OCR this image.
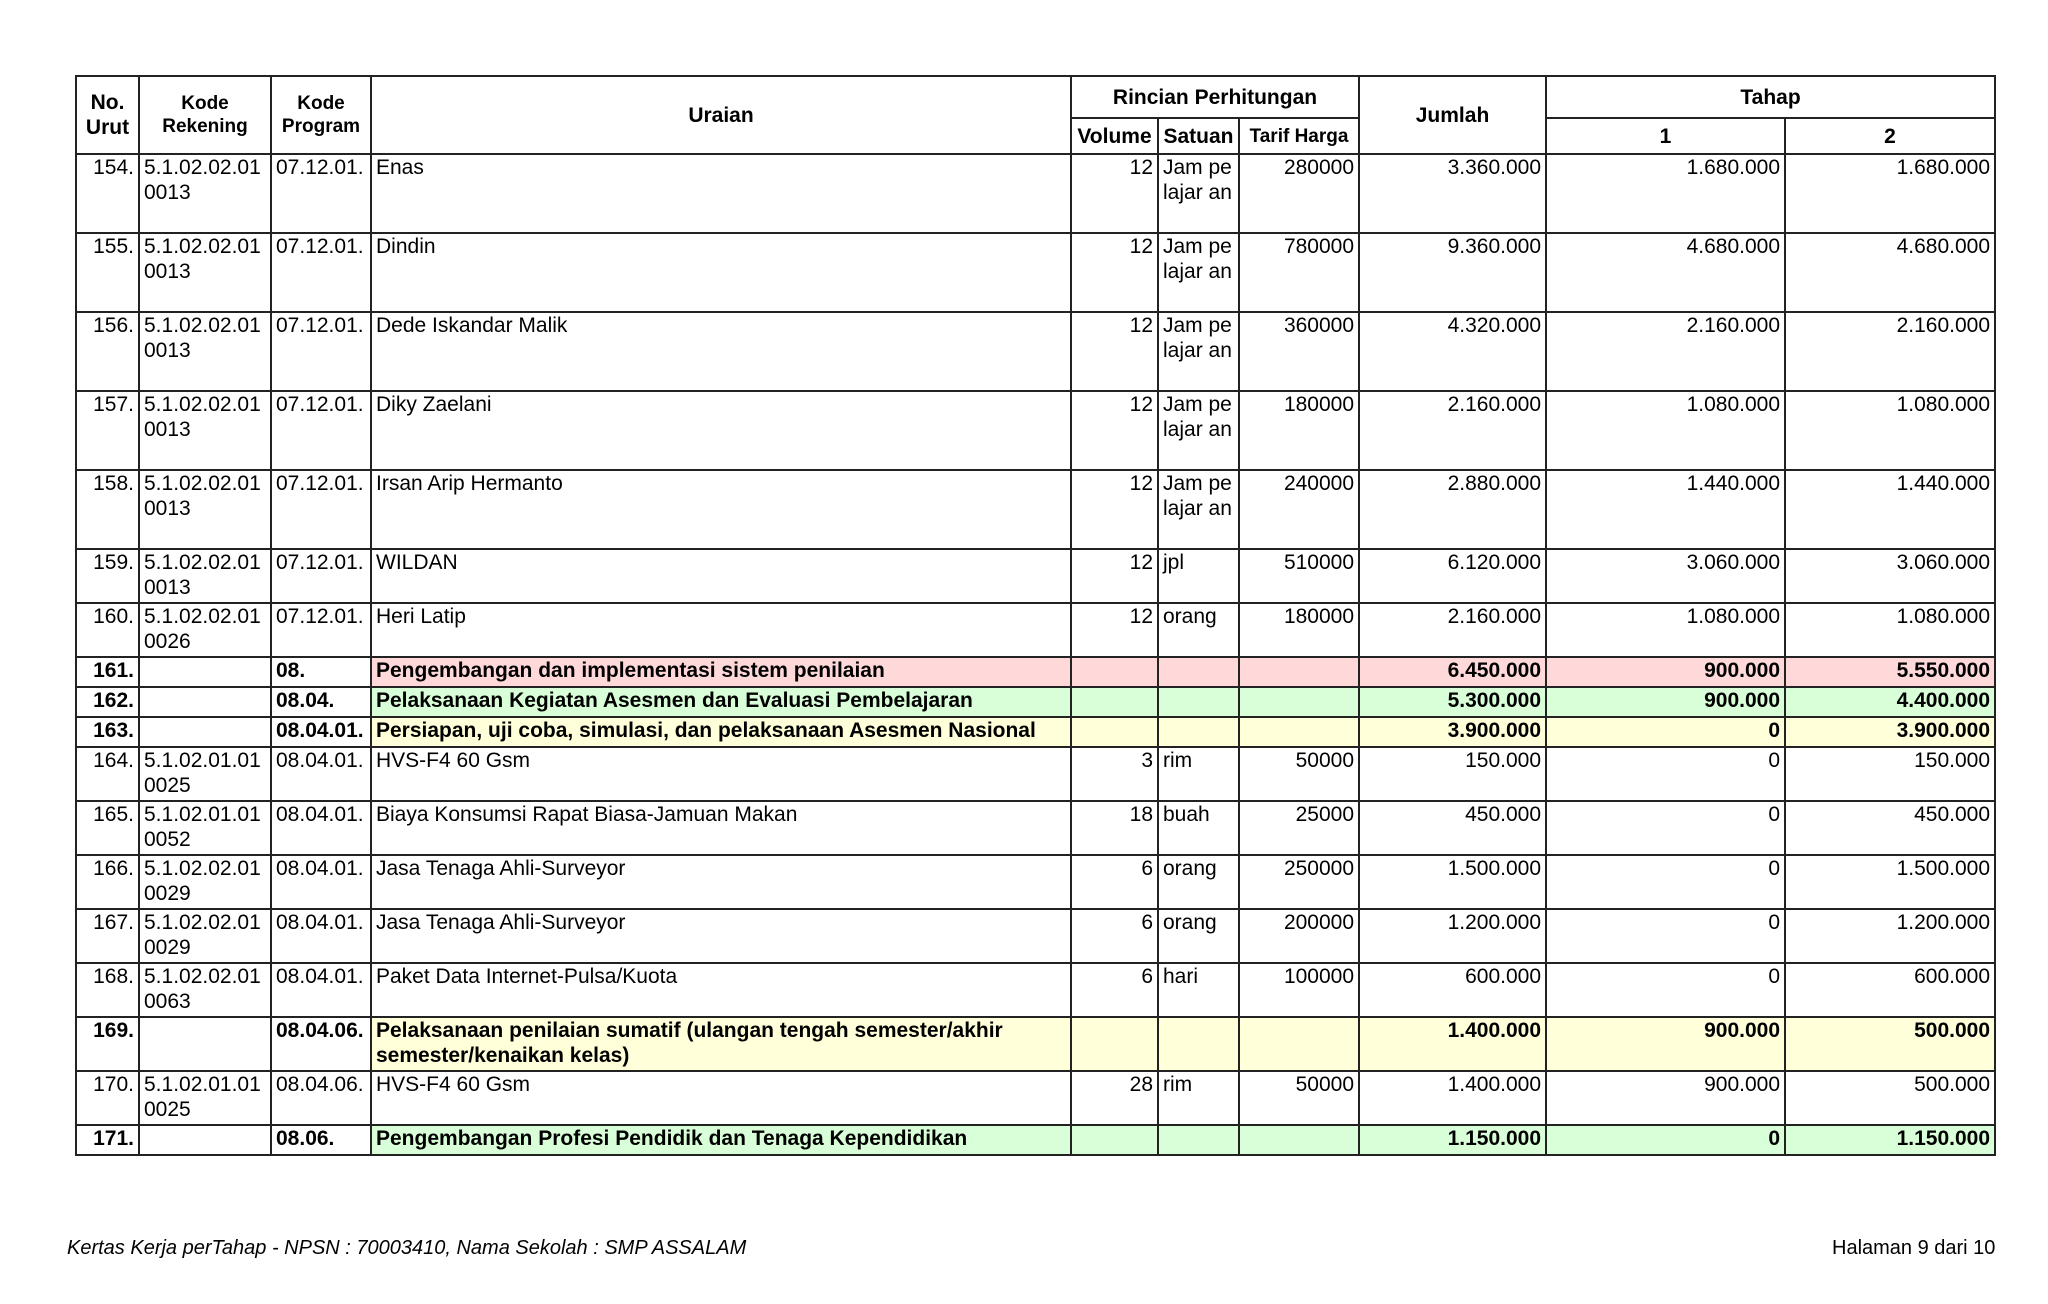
No. Urut	Kode Rekening	Kode Program	Uraian	Rincian Perhitungan			Jumlah	Tahap	
				Volume	Satuan	Tarif Harga		1	2
154.	5.1.02.02.01 0013	07.12.01.	Enas	12	Jam pelajar an	280000	3.360.000	1.680.000	1.680.000
155.	5.1.02.02.01 0013	07.12.01.	Dindin	12	Jam pelajar an	780000	9.360.000	4.680.000	4.680.000
156.	5.1.02.02.01 0013	07.12.01.	Dede Iskandar Malik	12	Jam pelajar an	360000	4.320.000	2.160.000	2.160.000
157.	5.1.02.02.01 0013	07.12.01.	Diky Zaelani	12	Jam pelajar an	180000	2.160.000	1.080.000	1.080.000
158.	5.1.02.02.01 0013	07.12.01.	Irsan Arip Hermanto	12	Jam pelajar an	240000	2.880.000	1.440.000	1.440.000
159.	5.1.02.02.01 0013	07.12.01.	WILDAN	12	jpl	510000	6.120.000	3.060.000	3.060.000
160.	5.1.02.02.01 0026	07.12.01.	Heri Latip	12	orang	180000	2.160.000	1.080.000	1.080.000
161.		08.	Pengembangan dan implementasi sistem penilaian				6.450.000	900.000	5.550.000
162.		08.04.	Pelaksanaan Kegiatan Asesmen dan Evaluasi Pembelajaran				5.300.000	900.000	4.400.000
163.		08.04.01.	Persiapan, uji coba, simulasi, dan pelaksanaan Asesmen Nasional				3.900.000	0	3.900.000
164.	5.1.02.01.01 0025	08.04.01.	HVS-F4 60 Gsm	3	rim	50000	150.000	0	150.000
165.	5.1.02.01.01 0052	08.04.01.	Biaya Konsumsi Rapat Biasa-Jamuan Makan	18	buah	25000	450.000	0	450.000
166.	5.1.02.02.01 0029	08.04.01.	Jasa Tenaga Ahli-Surveyor	6	orang	250000	1.500.000	0	1.500.000
167.	5.1.02.02.01 0029	08.04.01.	Jasa Tenaga Ahli-Surveyor	6	orang	200000	1.200.000	0	1.200.000
168.	5.1.02.02.01 0063	08.04.01.	Paket Data Internet-Pulsa/Kuota	6	hari	100000	600.000	0	600.000
169.		08.04.06.	Pelaksanaan penilaian sumatif (ulangan tengah semester/akhir semester/kenaikan kelas)				1.400.000	900.000	500.000
170.	5.1.02.01.01 0025	08.04.06.	HVS-F4 60 Gsm	28	rim	50000	1.400.000	900.000	500.000
171.		08.06.	Pengembangan Profesi Pendidik dan Tenaga Kependidikan				1.150.000	0	1.150.000
Kertas Kerja perTahap - NPSN : 70003410, Nama Sekolah : SMP ASSALAM	Halaman 9 dari 10
